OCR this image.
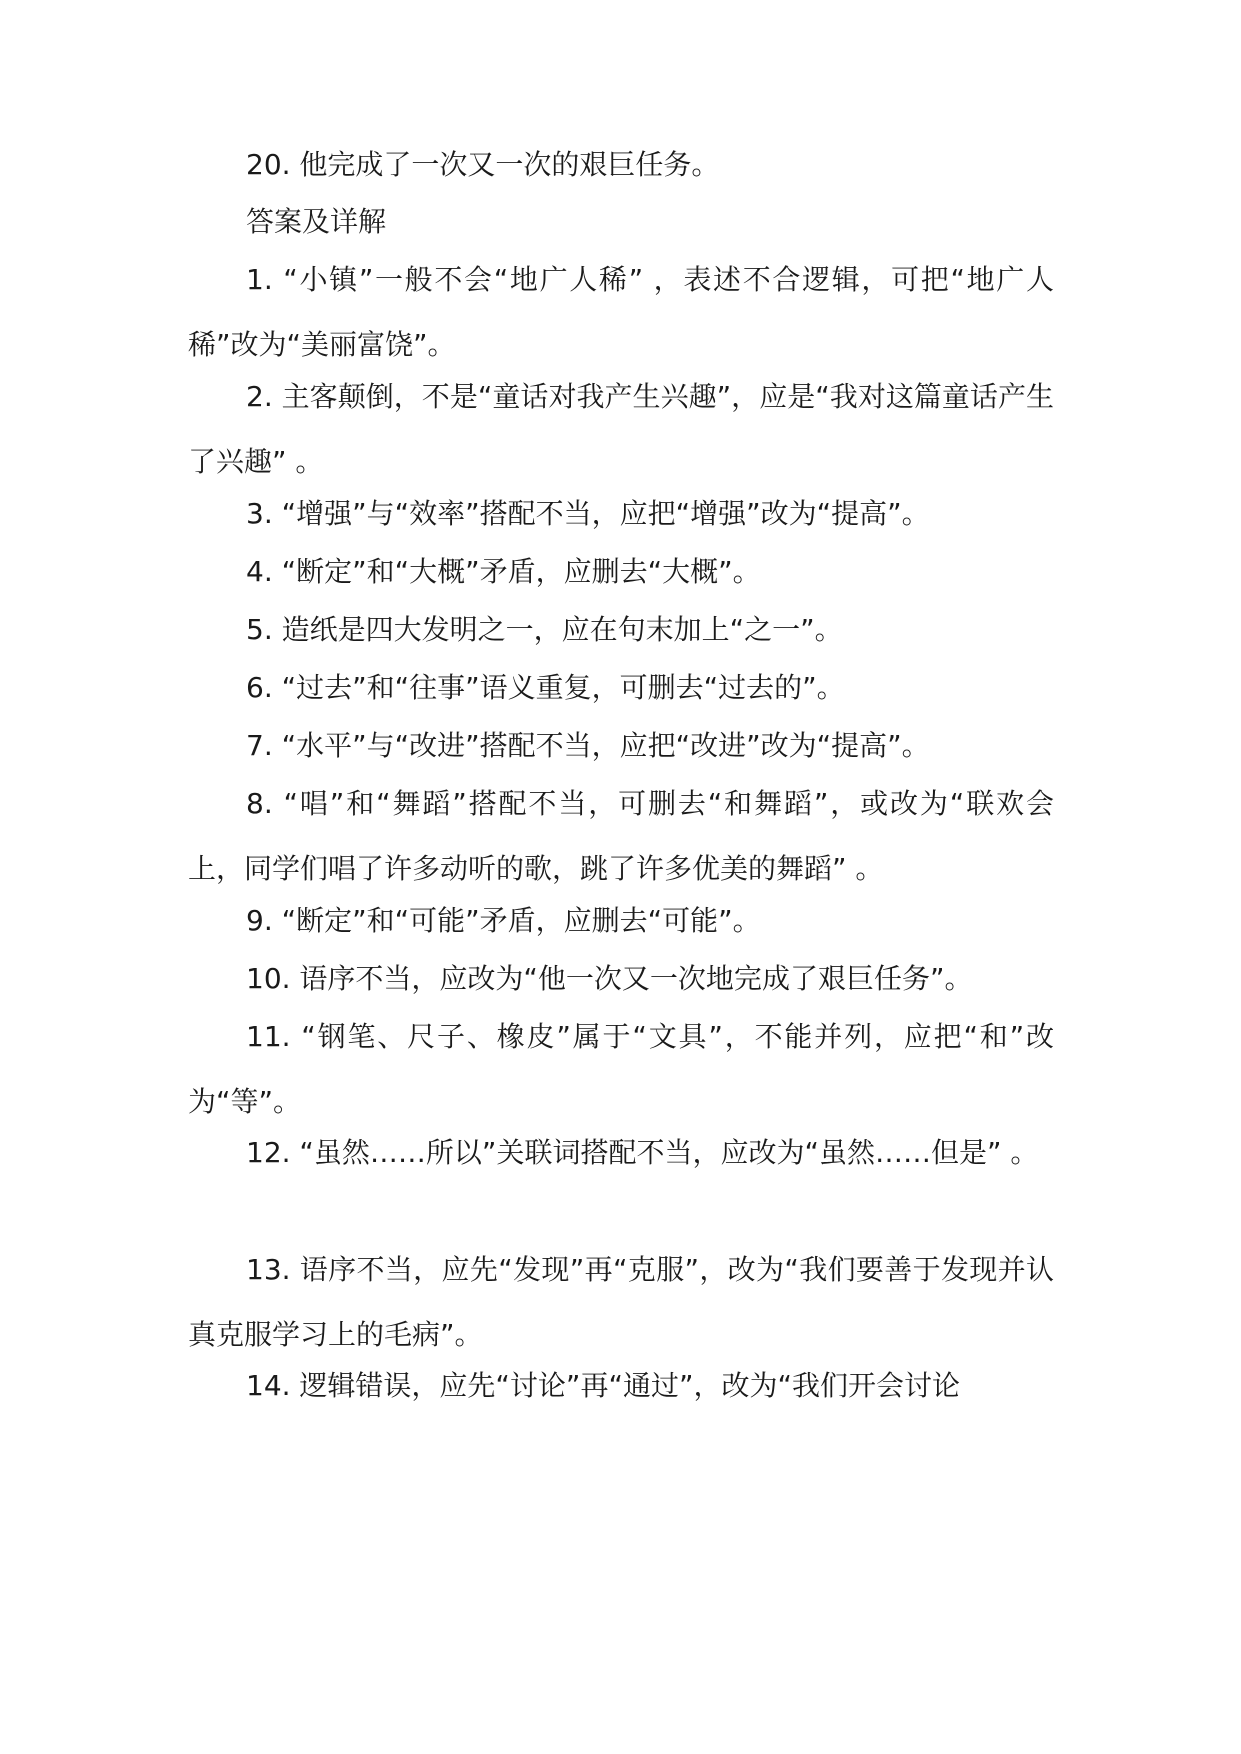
20. 他完成了一次又一次的艰巨任务。

答案及详解

1. “小镇”一般不会“地广人稀” ，表述不合逻辑，可把“地广人稀”改为“美丽富饶”。

2. 主客颠倒，不是“童话对我产生兴趣”，应是“我对这篇童话产生了兴趣” 。

3. “增强”与“效率”搭配不当，应把“增强”改为“提高”。

4. “断定”和“大概”矛盾，应删去“大概”。

5. 造纸是四大发明之一，应在句末加上“之一”。

6. “过去”和“往事”语义重复，可删去“过去的”。

7. “水平”与“改进”搭配不当，应把“改进”改为“提高”。

8. “唱”和“舞蹈”搭配不当，可删去“和舞蹈”，或改为“联欢会上，同学们唱了许多动听的歌，跳了许多优美的舞蹈” 。

9. “断定”和“可能”矛盾，应删去“可能”。

10. 语序不当，应改为“他一次又一次地完成了艰巨任务”。

11. “钢笔、尺子、橡皮”属于“文具”，不能并列，应把“和”改为“等”。

12. “虽然……所以”关联词搭配不当，应改为“虽然……但是” 。

13. 语序不当，应先“发现”再“克服”，改为“我们要善于发现并认真克服学习上的毛病”。

14. 逻辑错误，应先“讨论”再“通过”，改为“我们开会讨论
